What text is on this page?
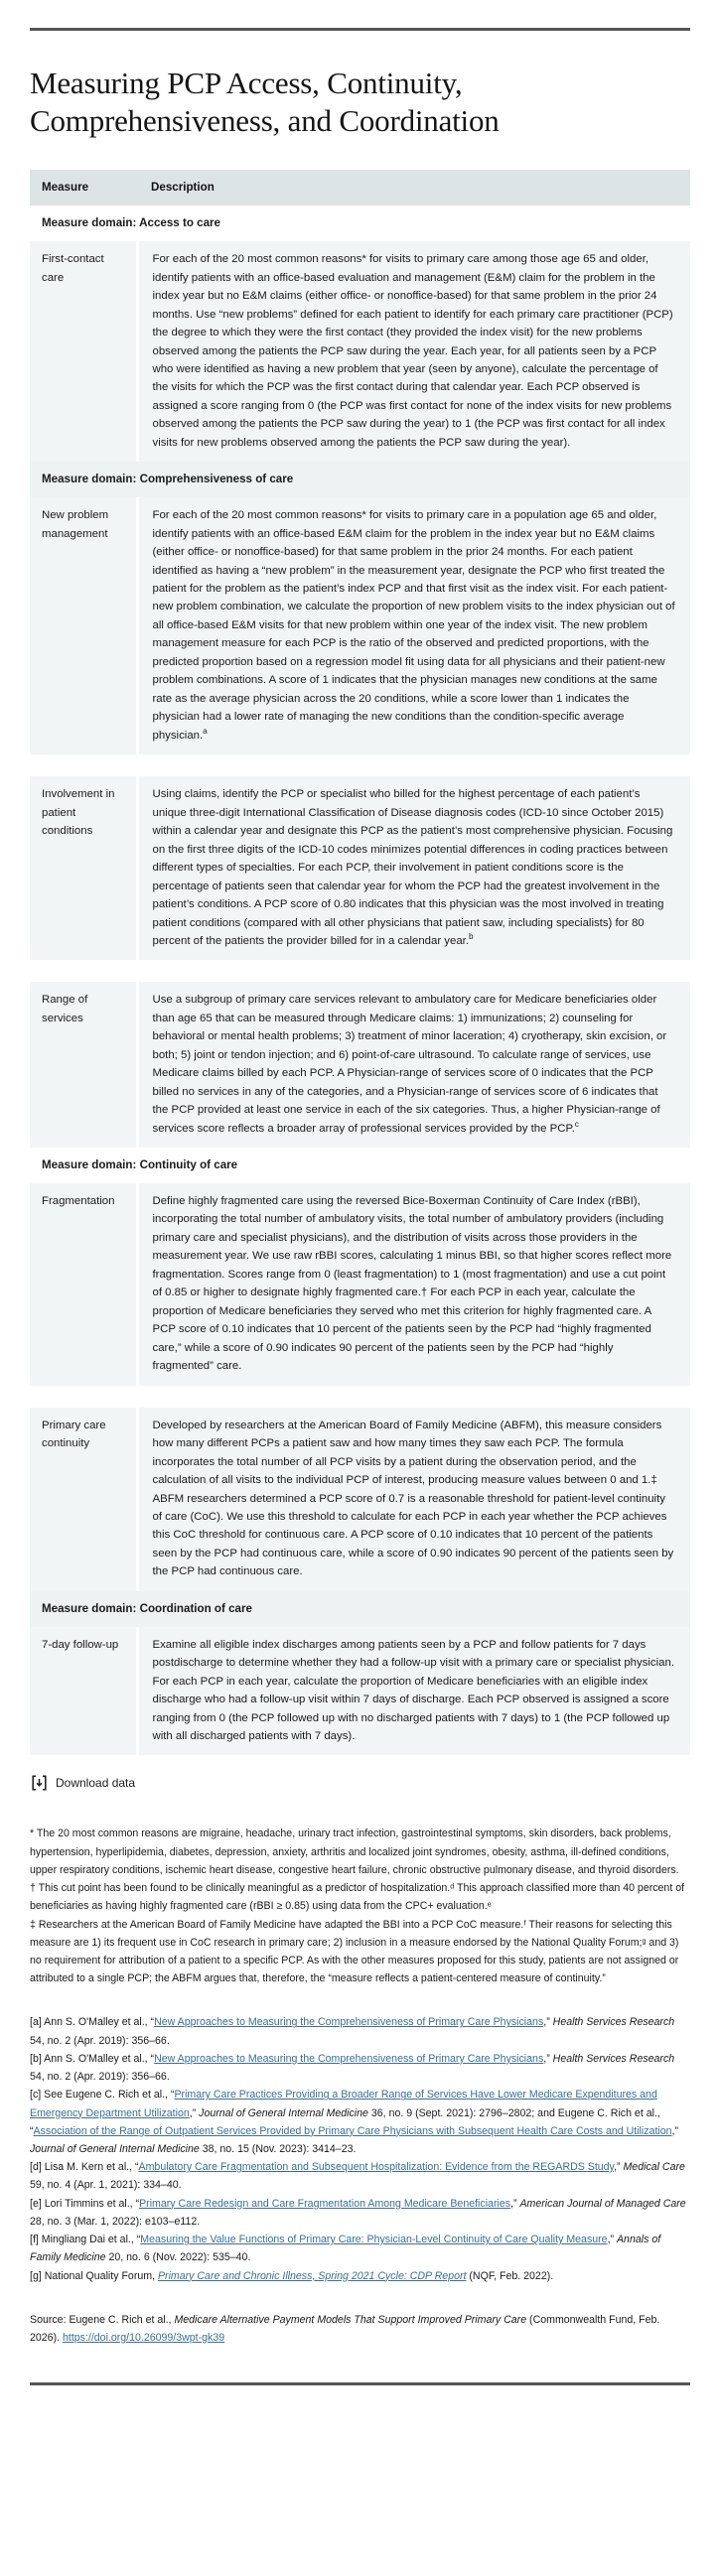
Measuring PCP Access, Continuity, Comprehensiveness, and Coordination
Measure	Description
Measure domain: Access to care	
First-contact care	For each of the 20 most common reasons* for visits to primary care among those age 65 and older, identify patients with an office-based evaluation and management (E&M) claim for the problem in the index year but no E&M claims (either office- or nonoffice-based) for that same problem in the prior 24 months. Use “new problems” defined for each patient to identify for each primary care practitioner (PCP) the degree to which they were the first contact (they provided the index visit) for the new problems observed among the patients the PCP saw during the year. Each year, for all patients seen by a PCP who were identified as having a new problem that year (seen by anyone), calculate the percentage of the visits for which the PCP was the first contact during that calendar year. Each PCP observed is assigned a score ranging from 0 (the PCP was first contact for none of the index visits for new problems observed among the patients the PCP saw during the year) to 1 (the PCP was first contact for all index visits for new problems observed among the patients the PCP saw during the year).
Measure domain: Comprehensiveness of care	
New problem management	For each of the 20 most common reasons* for visits to primary care in a population age 65 and older, identify patients with an office-based E&M claim for the problem in the index year but no E&M claims (either office- or nonoffice-based) for that same problem in the prior 24 months. For each patient identified as having a “new problem” in the measurement year, designate the PCP who first treated the patient for the problem as the patient’s index PCP and that first visit as the index visit. For each patient-new problem combination, we calculate the proportion of new problem visits to the index physician out of all office-based E&M visits for that new problem within one year of the index visit. The new problem management measure for each PCP is the ratio of the observed and predicted proportions, with the predicted proportion based on a regression model fit using data for all physicians and their patient-new problem combinations. A score of 1 indicates that the physician manages new conditions at the same rate as the average physician across the 20 conditions, while a score lower than 1 indicates the physician had a lower rate of managing the new conditions than the condition-specific average physician.$^a$

Involvement in patient conditions	Using claims, identify the PCP or specialist who billed for the highest percentage of each patient’s unique three-digit International Classification of Disease diagnosis codes (ICD-10 since October 2015) within a calendar year and designate this PCP as the patient’s most comprehensive physician. Focusing on the first three digits of the ICD-10 codes minimizes potential differences in coding practices between different types of specialties. For each PCP, their involvement in patient conditions score is the percentage of patients seen that calendar year for whom the PCP had the greatest involvement in the patient’s conditions. A PCP score of 0.80 indicates that this physician was the most involved in treating patient conditions (compared with all other physicians that patient saw, including specialists) for 80 percent of the patients the provider billed for in a calendar year.$^b$

Range of services	Use a subgroup of primary care services relevant to ambulatory care for Medicare beneficiaries older than age 65 that can be measured through Medicare claims: 1) immunizations; 2) counseling for behavioral or mental health problems; 3) treatment of minor laceration; 4) cryotherapy, skin excision, or both; 5) joint or tendon injection; and 6) point-of-care ultrasound. To calculate range of services, use Medicare claims billed by each PCP. A Physician-range of services score of 0 indicates that the PCP billed no services in any of the categories, and a Physician-range of services score of 6 indicates that the PCP provided at least one service in each of the six categories. Thus, a higher Physician-range of services score reflects a broader array of professional services provided by the PCP.$^c$
Measure domain: Continuity of care	
Fragmentation	Define highly fragmented care using the reversed Bice-Boxerman Continuity of Care Index (rBBI), incorporating the total number of ambulatory visits, the total number of ambulatory providers (including primary care and specialist physicians), and the distribution of visits across those providers in the measurement year. We use raw rBBI scores, calculating 1 minus BBI, so that higher scores reflect more fragmentation. Scores range from 0 (least fragmentation) to 1 (most fragmentation) and use a cut point of 0.85 or higher to designate highly fragmented care.† For each PCP in each year, calculate the proportion of Medicare beneficiaries they served who met this criterion for highly fragmented care. A PCP score of 0.10 indicates that 10 percent of the patients seen by the PCP had “highly fragmented care,” while a score of 0.90 indicates 90 percent of the patients seen by the PCP had “highly fragmented” care.

Primary care continuity	Developed by researchers at the American Board of Family Medicine (ABFM), this measure considers how many different PCPs a patient saw and how many times they saw each PCP. The formula incorporates the total number of all PCP visits by a patient during the observation period, and the calculation of all visits to the individual PCP of interest, producing measure values between 0 and 1.‡ ABFM researchers determined a PCP score of 0.7 is a reasonable threshold for patient-level continuity of care (CoC). We use this threshold to calculate for each PCP in each year whether the PCP achieves this CoC threshold for continuous care. A PCP score of 0.10 indicates that 10 percent of the patients seen by the PCP had continuous care, while a score of 0.90 indicates 90 percent of the patients seen by the PCP had continuous care.
Measure domain: Coordination of care	
7-day follow-up	Examine all eligible index discharges among patients seen by a PCP and follow patients for 7 days postdischarge to determine whether they had a follow-up visit with a primary care or specialist physician. For each PCP in each year, calculate the proportion of Medicare beneficiaries with an eligible index discharge who had a follow-up visit within 7 days of discharge. Each PCP observed is assigned a score ranging from 0 (the PCP followed up with no discharged patients with 7 days) to 1 (the PCP followed up with all discharged patients with 7 days).
Download data

* The 20 most common reasons are migraine, headache, urinary tract infection, gastrointestinal symptoms, skin disorders, back problems, hypertension, hyperlipidemia, diabetes, depression, anxiety, arthritis and localized joint syndromes, obesity, asthma, ill-defined conditions, upper respiratory conditions, ischemic heart disease, congestive heart failure, chronic obstructive pulmonary disease, and thyroid disorders.

† This cut point has been found to be clinically meaningful as a predictor of hospitalization.ᵈ This approach classified more than 40 percent of beneficiaries as having highly fragmented care (rBBI ≥ 0.85) using data from the CPC+ evaluation.ᵉ

‡ Researchers at the American Board of Family Medicine have adapted the BBI into a PCP CoC measure.ᶠ Their reasons for selecting this measure are 1) its frequent use in CoC research in primary care; 2) inclusion in a measure endorsed by the National Quality Forum;ᵍ and 3) no requirement for attribution of a patient to a specific PCP. As with the other measures proposed for this study, patients are not assigned or attributed to a single PCP; the ABFM argues that, therefore, the “measure reflects a patient-centered measure of continuity.”

[a] Ann S. O'Malley et al., “New Approaches to Measuring the Comprehensiveness of Primary Care Physicians,” Health Services Research 54, no. 2 (Apr. 2019): 356–66.

[b] Ann S. O'Malley et al., “New Approaches to Measuring the Comprehensiveness of Primary Care Physicians,” Health Services Research 54, no. 2 (Apr. 2019): 356–66.

[c] See Eugene C. Rich et al., “Primary Care Practices Providing a Broader Range of Services Have Lower Medicare Expenditures and Emergency Department Utilization,” Journal of General Internal Medicine 36, no. 9 (Sept. 2021): 2796–2802; and Eugene C. Rich et al., “Association of the Range of Outpatient Services Provided by Primary Care Physicians with Subsequent Health Care Costs and Utilization,” Journal of General Internal Medicine 38, no. 15 (Nov. 2023): 3414–23.

[d] Lisa M. Kern et al., “Ambulatory Care Fragmentation and Subsequent Hospitalization: Evidence from the REGARDS Study,” Medical Care 59, no. 4 (Apr. 1, 2021): 334–40.

[e] Lori Timmins et al., “Primary Care Redesign and Care Fragmentation Among Medicare Beneficiaries,” American Journal of Managed Care 28, no. 3 (Mar. 1, 2022): e103–e112.

[f] Mingliang Dai et al., “Measuring the Value Functions of Primary Care: Physician-Level Continuity of Care Quality Measure,” Annals of Family Medicine 20, no. 6 (Nov. 2022): 535–40.

[g] National Quality Forum, Primary Care and Chronic Illness, Spring 2021 Cycle: CDP Report (NQF, Feb. 2022).

Source: Eugene C. Rich et al., Medicare Alternative Payment Models That Support Improved Primary Care (Commonwealth Fund, Feb. 2026). https://doi.org/10.26099/3wpt-gk39
